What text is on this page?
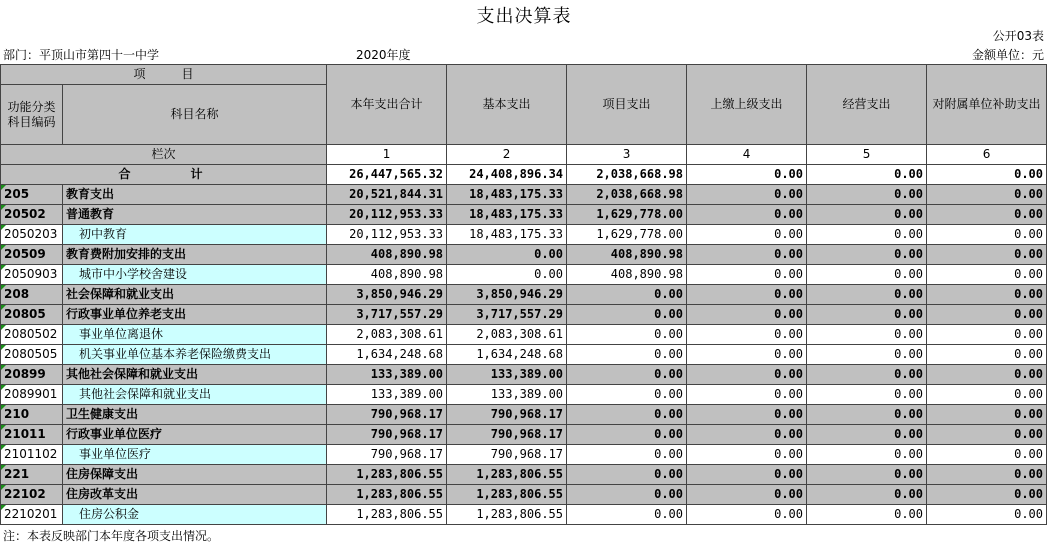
支出决算表
公开03表
部门：平顶山市第四十一中学	2020年度	金额单位：元
项　　　目		本年支出合计	基本支出	项目支出	上缴上级支出	经营支出	对附属单位补助支出
功能分类科目编码	科目名称						
栏次		1	2	3	4	5	6
合　　　计		26,447,565.32	24,408,896.34	2,038,668.98	0.00	0.00	0.00
205	教育支出	20,521,844.31	18,483,175.33	2,038,668.98	0.00	0.00	0.00
20502	普通教育	20,112,953.33	18,483,175.33	1,629,778.00	0.00	0.00	0.00
2050203	初中教育	20,112,953.33	18,483,175.33	1,629,778.00	0.00	0.00	0.00
20509	教育费附加安排的支出	408,890.98	0.00	408,890.98	0.00	0.00	0.00
2050903	城市中小学校舍建设	408,890.98	0.00	408,890.98	0.00	0.00	0.00
208	社会保障和就业支出	3,850,946.29	3,850,946.29	0.00	0.00	0.00	0.00
20805	行政事业单位养老支出	3,717,557.29	3,717,557.29	0.00	0.00	0.00	0.00
2080502	事业单位离退休	2,083,308.61	2,083,308.61	0.00	0.00	0.00	0.00
2080505	机关事业单位基本养老保险缴费支出	1,634,248.68	1,634,248.68	0.00	0.00	0.00	0.00
20899	其他社会保障和就业支出	133,389.00	133,389.00	0.00	0.00	0.00	0.00
2089901	其他社会保障和就业支出	133,389.00	133,389.00	0.00	0.00	0.00	0.00
210	卫生健康支出	790,968.17	790,968.17	0.00	0.00	0.00	0.00
21011	行政事业单位医疗	790,968.17	790,968.17	0.00	0.00	0.00	0.00
2101102	事业单位医疗	790,968.17	790,968.17	0.00	0.00	0.00	0.00
221	住房保障支出	1,283,806.55	1,283,806.55	0.00	0.00	0.00	0.00
22102	住房改革支出	1,283,806.55	1,283,806.55	0.00	0.00	0.00	0.00
2210201	住房公积金	1,283,806.55	1,283,806.55	0.00	0.00	0.00	0.00
注：本表反映部门本年度各项支出情况。
